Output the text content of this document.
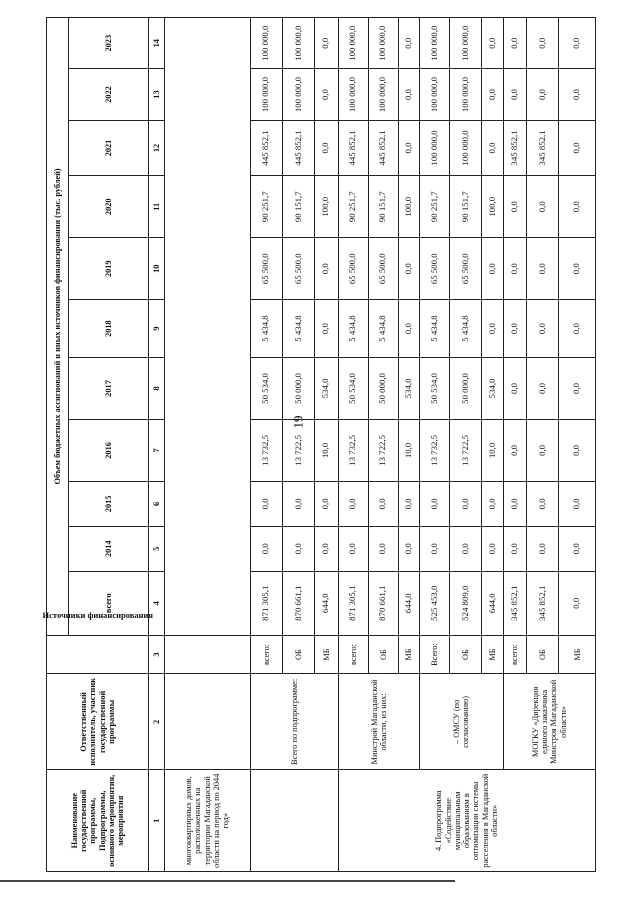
19
Наименование государственной программы, Подпрограммы, основного мероприятия, мероприятия	Ответственный исполнитель, участник государственной программы	Источники финансирования	Объем бюджетных ассигнований и иных источников финансирования (тыс. рублей)										
			всего	2014	2015	2016	2017	2018	2019	2020	2021	2022	2023
1	2	3	4	5	6	7	8	9	10	11	12	13	14
многоквартирных домов, расположенных на территории Магаданской области на период по 2044 год»													
	Всего по подпрограмме:	всего:	871 305,1	0,0	0,0	13 732,5	50 534,0	5 434,8	65 500,0	90 251,7	445 852,1	100 000,0	100 000,0
		ОБ	870 661,1	0,0	0,0	13 722,5	50 000,0	5 434,8	65 500,0	90 151,7	445 852,1	100 000,0	100 000,0
		МБ	644,0	0,0	0,0	10,0	534,0	0,0	0,0	100,0	0,0	0,0	0,0
4. Подпрограмма «Содействие муниципальным образованиям в оптимизации системы расселения в Магаданской области»	Минстрой Магаданской области, из них:	всего:	871 305,1	0,0	0,0	13 732,5	50 534,0	5 434,8	65 500,0	90 251,7	445 852,1	100 000,0	100 000,0
		ОБ	870 661,1	0,0	0,0	13 722,5	50 000,0	5 434,8	65 500,0	90 151,7	445 852,1	100 000,0	100 000,0
		МБ	644,0	0,0	0,0	10,0	534,0	0,0	0,0	100,0	0,0	0,0	0,0
	– ОМСУ (по согласованию)	Всего:	525 453,0	0,0	0,0	13 732,5	50 534,0	5 434,8	65 500,0	90 251,7	100 000,0	100 000,0	100 000,0
		ОБ	524 809,0	0,0	0,0	13 722,5	50 000,0	5 434,8	65 500,0	90 151,7	100 000,0	100 000,0	100 000,0
		МБ	644,0	0,0	0,0	10,0	534,0	0,0	0,0	100,0	0,0	0,0	0,0
	МОГКУ «Дирекция единого заказчика Минстроя Магаданской области»	всего:	345 852,1	0,0	0,0	0,0	0,0	0,0	0,0	0,0	345 852,1	0,0	0,0
		ОБ	345 852,1	0,0	0,0	0,0	0,0	0,0	0,0	0,0	345 852,1	0,0	0,0
		МБ	0,0	0,0	0,0	0,0	0,0	0,0	0,0	0,0	0,0	0,0	0,0
